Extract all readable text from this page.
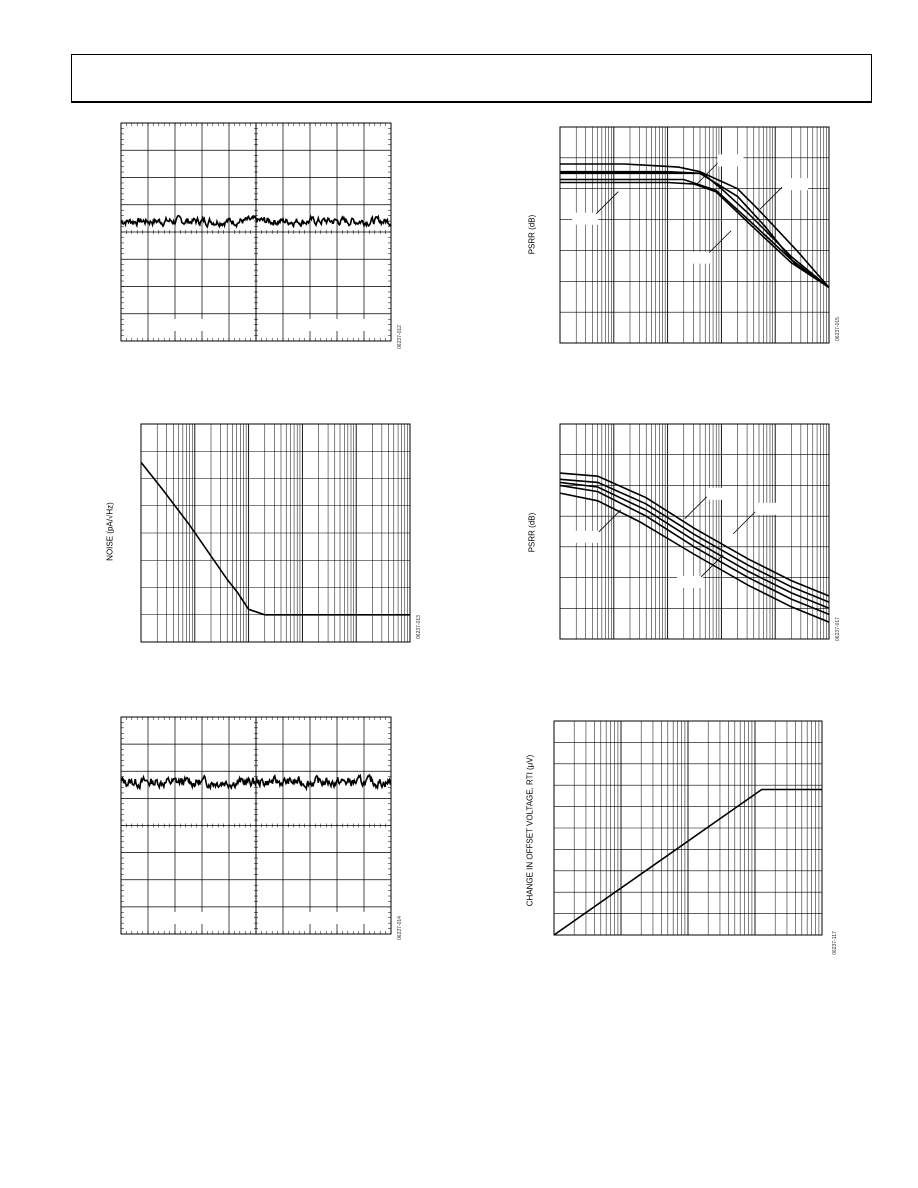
06237-012
NOISE (pA/√Hz)
06237-013
06237-014
PSRR (dB)
06237-015
PSRR (dB)
06237-017
CHANGE IN OFFSET VOLTAGE, RTI (μV)
06237-117
